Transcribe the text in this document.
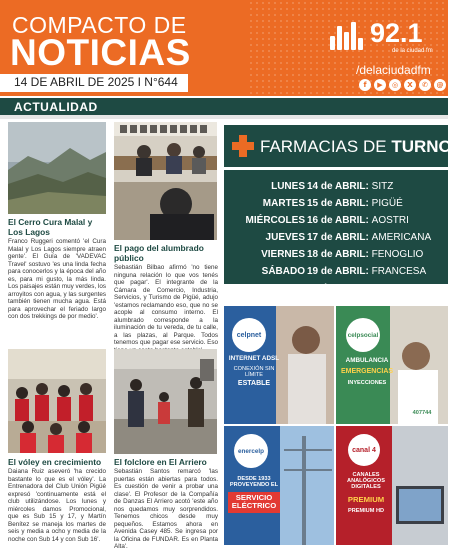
COMPACTO DE
NOTICIAS
14 DE ABRIL DE 2025 I N°644
92.1
de la ciudad fm
/delaciudadfm
f	▶	◎	X	✆	@
ACTUALIDAD
El Cerro Cura Malal y Los Lagos
Franco Ruggeri comentó 'el Cura Malal y Los Lagos siempre atraen gente'. El Guía de 'VADEVAC Travel' sostuvo 'es una linda fecha para conocerlos y la época del año es, para mi gusto, la más linda. Los paisajes están muy verdes, los arroyitos con agua, y las surgentes también tienen mucha agua. Está para aprovechar el feriado largo con dos trekkings de por medio'.
El pago del alumbrado público
Sebastián Bilbao afirmó 'no tiene ninguna relación lo que vos tenés que pagar'. El integrante de la Cámara de Comercio, Industria, Servicios, y Turismo de Pigüé, adujo 'estamos reclamando eso, que no se acople al consumo interno. El alumbrado corresponde a la iluminación de tu vereda, de tu calle, a las plazas, al Parque. Todos tenemos que pagar ese servicio. Eso
El vóley en crecimiento
Daiana Ruiz aseveró 'ha crecido bastante lo que es el vóley'. La Entrenadora del Club Unión Pigüé expresó 'continuamente está el club utilizándose. Los lunes y miércoles damos Promocional, que es Sub 15 y 17, y Martín Benítez se maneja los martes de seis y media a ocho y media de la noche con Sub 14 y con Sub 16'.
El folclore en El Arriero
Sebastián Santos remarcó 'las puertas están abiertas para todos. Es cuestión de venir a probar una clase'. El Profesor de la Compañía de Danzas El Arriero acotó 'este año nos quedamos muy sorprendidos. Tenemos chicos desde muy pequeños. Estamos ahora en Avenida Casey 485. Se ingresa por la Oficina de FUNDAR. Es en Planta Alta'.
FARMACIAS DE TURNO
LUNES 14 de ABRIL: SITZ
MARTES 15 de ABRIL: PIGÜÉ
MIÉRCOLES 16 de ABRIL: AOSTRI
JUEVES 17 de ABRIL: AMERICANA
VIERNES 18 de ABRIL: FENOGLIO
SÁBADO 19 de ABRIL: FRANCESA
DOMINGO 20 de ABRIL: FIDALGO
celpnet
INTERNET ADSL
CONEXIÓN SIN LÍMITE
ESTABLE
celpsocial
AMBULANCIA
EMERGENCIAS
INYECCIONES
407744
enercelp
DESDE 1933 PROVEYENDO EL
SERVICIO ELÉCTRICO
canal 4
CANALES ANALÓGICOS DIGITALES
PREMIUM
PREMIUM HD
